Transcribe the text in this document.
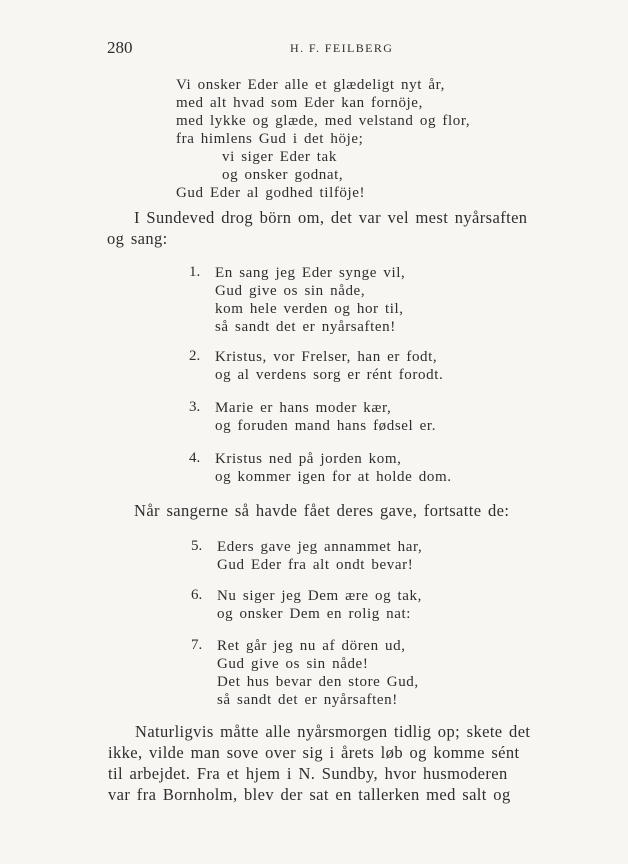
280	H. F. FEILBERG
Vi onsker Eder alle et glædeligt nyt år,
med alt hvad som Eder kan fornöje,
med lykke og glæde, med velstand og flor,
fra himlens Gud i det höje;
vi siger Eder tak
og onsker godnat,
Gud Eder al godhed tilföje!
I Sundeved drog börn om, det var vel mest nyårsaften
og sang:
1. En sang jeg Eder synge vil,
Gud give os sin nåde,
kom hele verden og hor til,
så sandt det er nyårsaften!
2. Kristus, vor Frelser, han er fodt,
og al verdens sorg er rént forodt.
3. Marie er hans moder kær,
og foruden mand hans fødsel er.
4. Kristus ned på jorden kom,
og kommer igen for at holde dom.
Når sangerne så havde fået deres gave, fortsatte de:
5. Eders gave jeg annammet har,
Gud Eder fra alt ondt bevar!
6. Nu siger jeg Dem ære og tak,
og onsker Dem en rolig nat:
7. Ret går jeg nu af dören ud,
Gud give os sin nåde!
Det hus bevar den store Gud,
så sandt det er nyårsaften!
Naturligvis måtte alle nyårsmorgen tidlig op; skete det
ikke, vilde man sove over sig i årets løb og komme sént
til arbejdet. Fra et hjem i N. Sundby, hvor husmoderen
var fra Bornholm, blev der sat en tallerken med salt og
